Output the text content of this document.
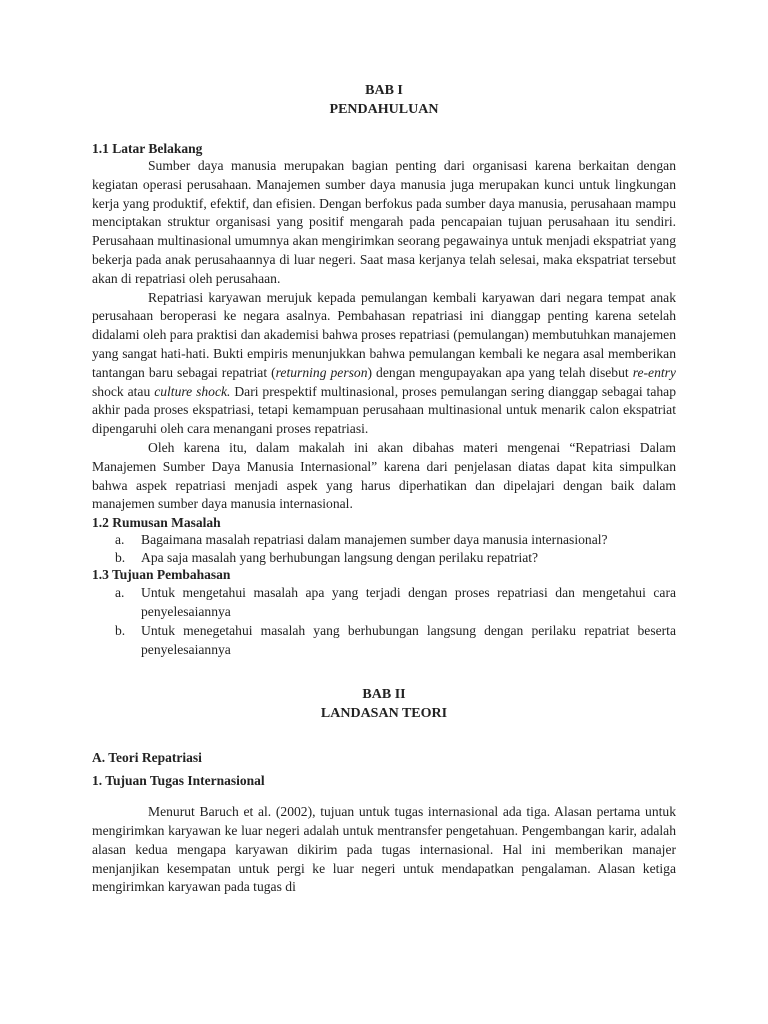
BAB I

PENDAHULUAN

1.1 Latar Belakang

Sumber daya manusia merupakan bagian penting dari organisasi karena berkaitan dengan kegiatan operasi perusahaan. Manajemen sumber daya manusia juga merupakan kunci untuk lingkungan kerja yang produktif, efektif, dan efisien. Dengan berfokus pada sumber daya manusia, perusahaan mampu menciptakan struktur organisasi yang positif mengarah pada pencapaian tujuan perusahaan itu sendiri. Perusahaan multinasional umumnya akan mengirimkan seorang pegawainya untuk menjadi ekspatriat yang bekerja pada anak perusahaannya di luar negeri. Saat masa kerjanya telah selesai, maka ekspatriat tersebut akan di repatriasi oleh perusahaan.

Repatriasi karyawan merujuk kepada pemulangan kembali karyawan dari negara tempat anak perusahaan beroperasi ke negara asalnya. Pembahasan repatriasi ini dianggap penting karena setelah didalami oleh para praktisi dan akademisi bahwa proses repatriasi (pemulangan) membutuhkan manajemen yang sangat hati-hati. Bukti empiris menunjukkan bahwa pemulangan kembali ke negara asal memberikan tantangan baru sebagai repatriat (returning person) dengan mengupayakan apa yang telah disebut re-entry shock atau culture shock. Dari prespektif multinasional, proses pemulangan sering dianggap sebagai tahap akhir pada proses ekspatriasi, tetapi kemampuan perusahaan multinasional untuk menarik calon ekspatriat dipengaruhi oleh cara menangani proses repatriasi.

Oleh karena itu, dalam makalah ini akan dibahas materi mengenai “Repatriasi Dalam Manajemen Sumber Daya Manusia Internasional” karena dari penjelasan diatas dapat kita simpulkan bahwa aspek repatriasi menjadi aspek yang harus diperhatikan dan dipelajari dengan baik dalam manajemen sumber daya manusia internasional.

1.2 Rumusan Masalah

a.	Bagaimana masalah repatriasi dalam manajemen sumber daya manusia internasional?
b.	Apa saja masalah yang berhubungan langsung dengan perilaku repatriat?

1.3 Tujuan Pembahasan

a.	Untuk mengetahui masalah apa yang terjadi dengan proses repatriasi dan mengetahui cara penyelesaiannya
b.	Untuk menegetahui masalah yang berhubungan langsung dengan perilaku repatriat beserta penyelesaiannya

BAB II

LANDASAN TEORI

A. Teori Repatriasi

1. Tujuan Tugas Internasional

Menurut Baruch et al. (2002), tujuan untuk tugas internasional ada tiga. Alasan pertama untuk mengirimkan karyawan ke luar negeri adalah untuk mentransfer pengetahuan. Pengembangan karir, adalah alasan kedua mengapa karyawan dikirim pada tugas internasional. Hal ini memberikan manajer menjanjikan kesempatan untuk pergi ke luar negeri untuk mendapatkan pengalaman. Alasan ketiga mengirimkan karyawan pada tugas di
